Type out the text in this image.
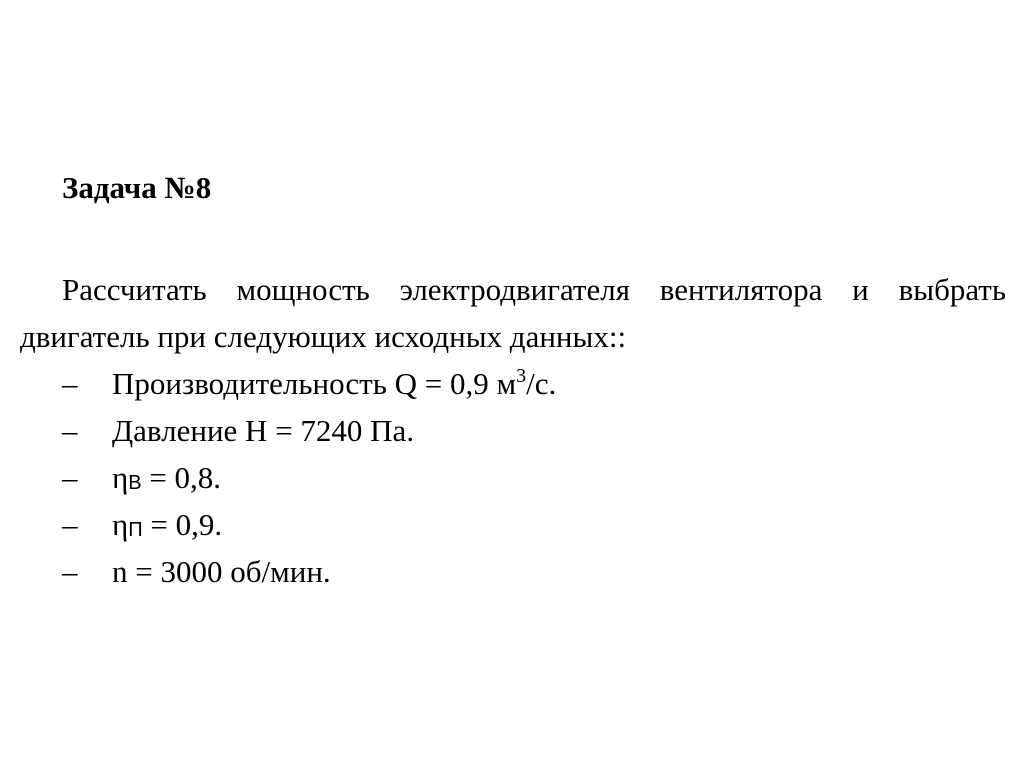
Задача №8
Рассчитать мощность электродвигателя вентилятора и выбрать двигатель при следующих исходных данных::
– Производительность Q = 0,9 $м^3/с$.
– Давление Н = 7240 Па.
– ηВ = 0,8.
– ηП = 0,9.
– n = 3000 об/мин.
